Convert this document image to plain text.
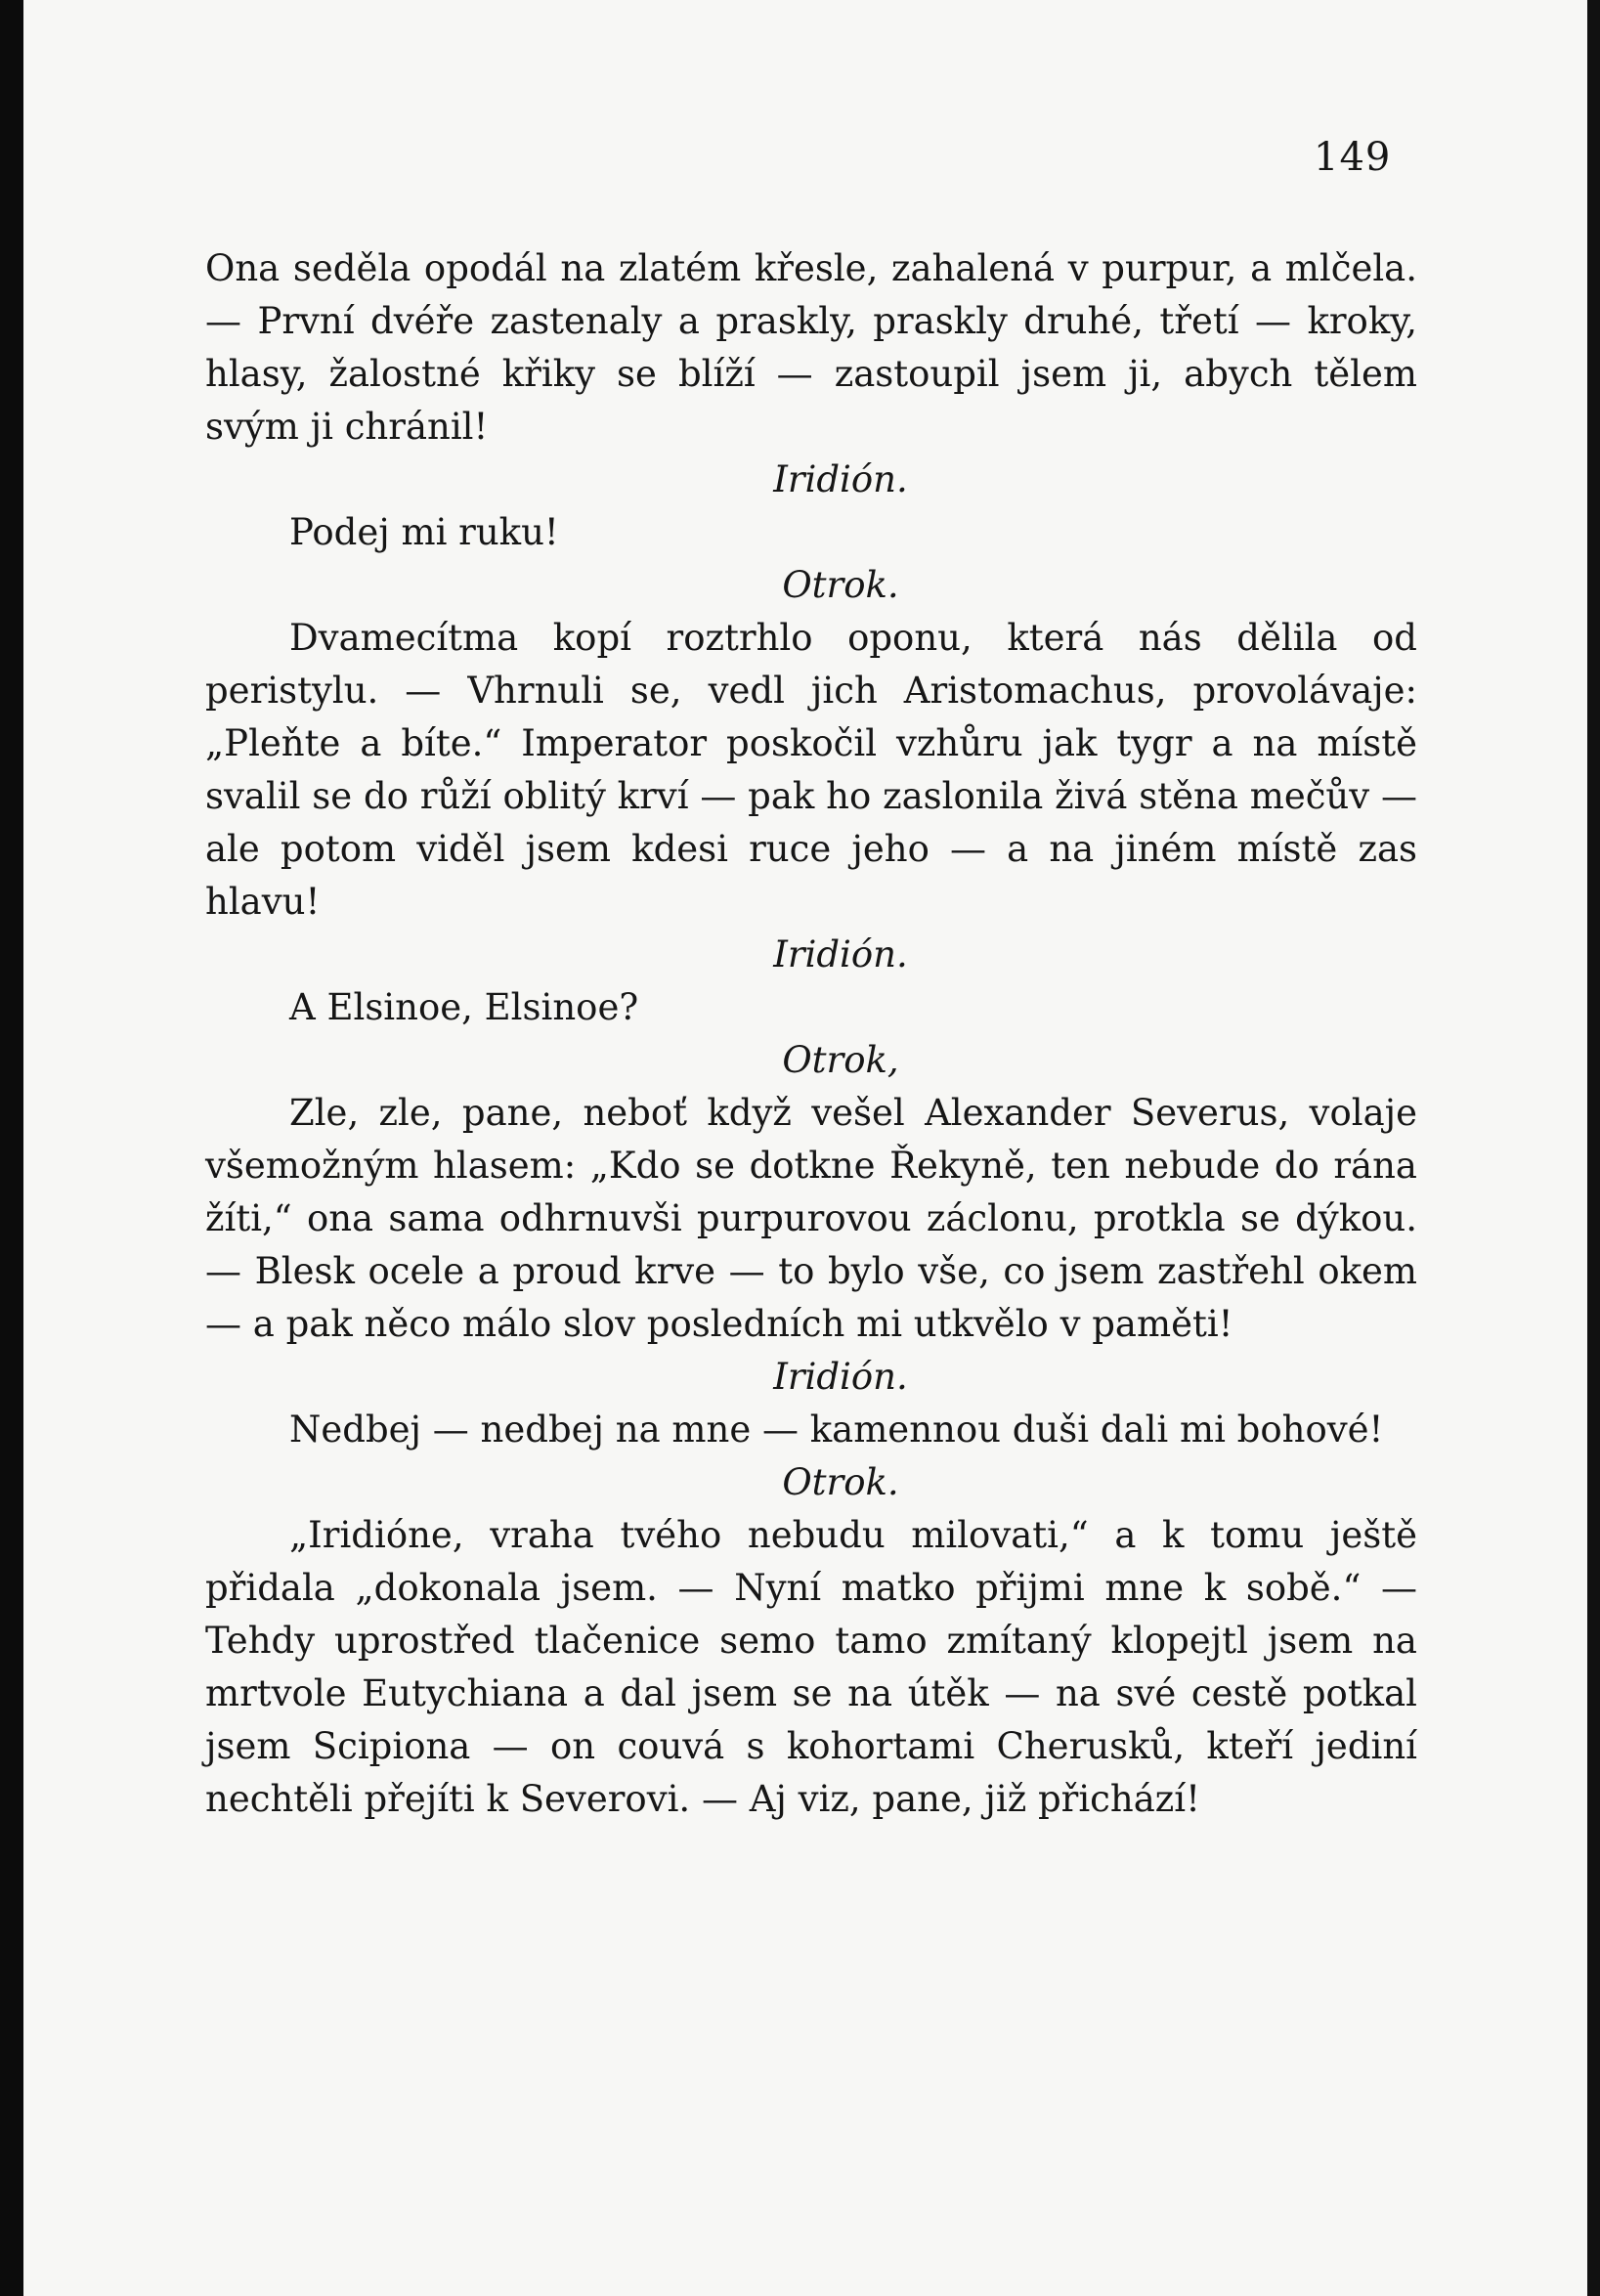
149

Ona seděla opodál na zlatém křesle, zahalená v purpur, a mlčela. — První dvéře zastenaly a praskly, praskly druhé, třetí — kroky, hlasy, žalostné křiky se blíží — zastoupil jsem ji, abych tělem svým ji chránil!

Iridión.

Podej mi ruku!

Otrok.

Dvamecítma kopí roztrhlo oponu, která nás dělila od peristylu. — Vhrnuli se, vedl jich Aristomachus, provolávaje: „Pleňte a bíte.“ Imperator poskočil vzhůru jak tygr a na místě svalil se do růží oblitý krví — pak ho zaslonila živá stěna mečův — ale potom viděl jsem kdesi ruce jeho — a na jiném místě zas hlavu!

Iridión.

A Elsinoe, Elsinoe?

Otrok,

Zle, zle, pane, neboť když vešel Alexander Severus, volaje všemožným hlasem: „Kdo se dotkne Řekyně, ten nebude do rána žíti,“ ona sama odhrnuvši purpurovou záclonu, protkla se dýkou. — Blesk ocele a proud krve — to bylo vše, co jsem zastřehl okem — a pak něco málo slov posledních mi utkvělo v paměti!

Iridión.

Nedbej — nedbej na mne — kamennou duši dali mi bohové!

Otrok.

„Iridióne, vraha tvého nebudu milovati,“ a k tomu ještě přidala „dokonala jsem. — Nyní matko přijmi mne k sobě.“ — Tehdy uprostřed tlačenice semo tamo zmítaný klopejtl jsem na mrtvole Eutychiana a dal jsem se na útěk — na své cestě potkal jsem Scipiona — on couvá s kohortami Cherusků, kteří jediní nechtěli přejíti k Severovi. — Aj viz, pane, již přichází!
